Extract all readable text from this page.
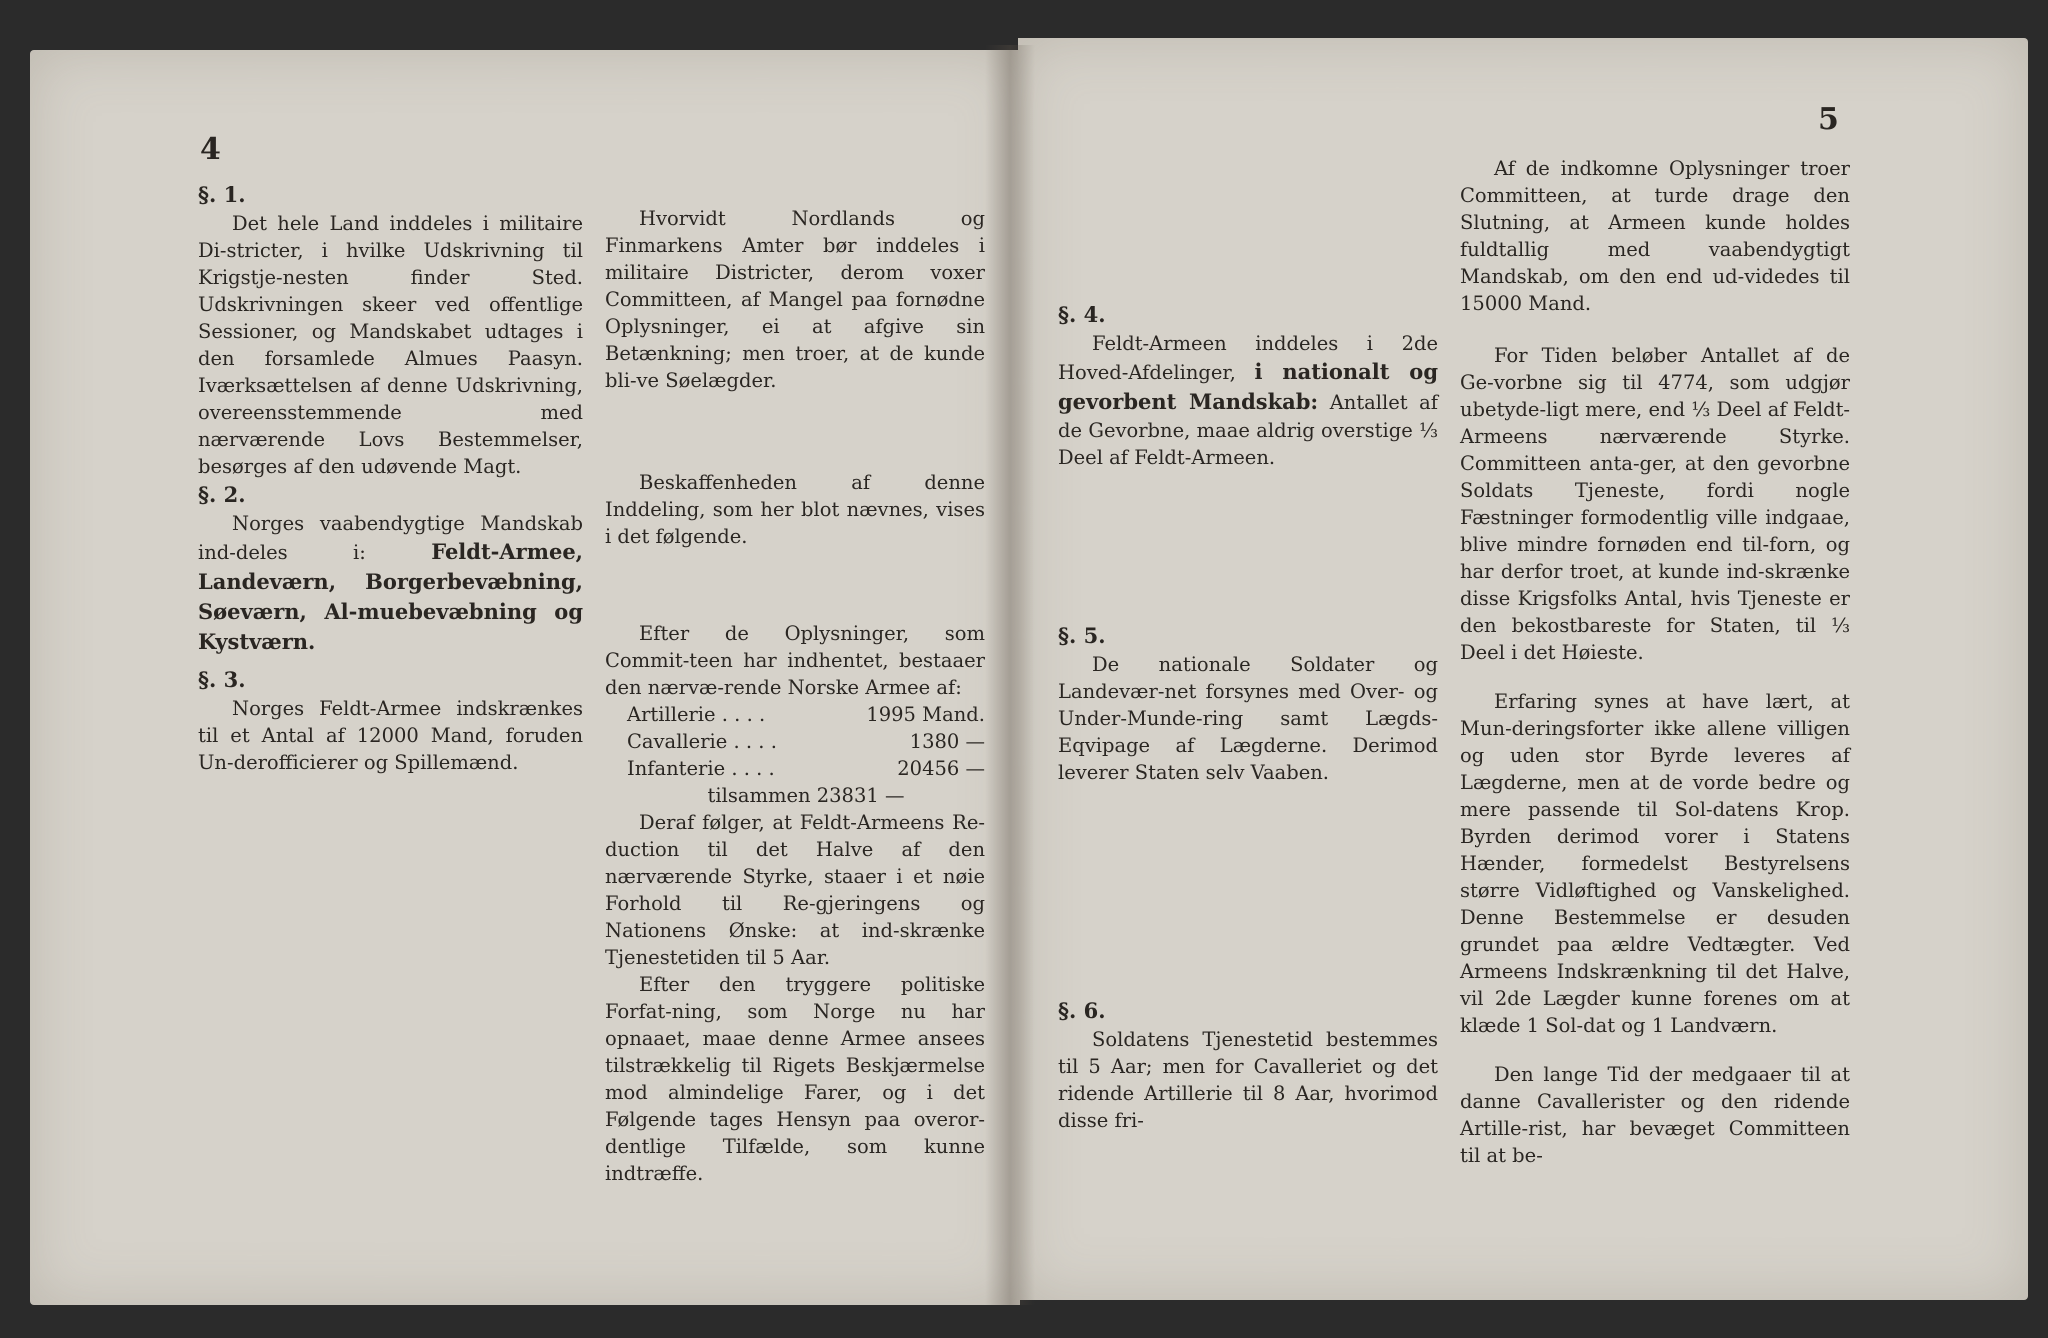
4

§. 1.

Det hele Land inddeles i militaire Di-stricter, i hvilke Udskrivning til Krigstje-nesten finder Sted. Udskrivningen skeer ved offentlige Sessioner, og Mandskabet udtages i den forsamlede Almues Paasyn. Iværksættelsen af denne Udskrivning, overeensstemmende med nærværende Lovs Bestemmelser, besørges af den udøvende Magt.

§. 2.

Norges vaabendygtige Mandskab ind-deles i:	Feldt-Armee, Landeværn, Borgerbevæbning, Søeværn, Al-muebevæbning og Kystværn.

§. 3.

Norges Feldt-Armee indskrænkes til et Antal af 12000 Mand, foruden Un-derofficierer og Spillemænd.

Hvorvidt Nordlands og Finmarkens Amter bør inddeles i militaire Districter, derom voxer Committeen, af Mangel paa fornødne Oplysninger, ei at afgive sin Betænkning; men troer, at de kunde bli-ve Søelægder.

Beskaffenheden af denne Inddeling, som her blot nævnes, vises i det følgende.

Efter de Oplysninger, som Commit-teen har indhentet, bestaaer den nærvæ-rende Norske Armee af:

Artillerie . . . .	1995 Mand.
Cavallerie . . . .	1380 —
Infanterie . . . .	20456 —
tilsammen 23831 —

Deraf følger, at Feldt-Armeens Re-duction til det Halve af den nærværende Styrke, staaer i et nøie Forhold til Re-gjeringens og Nationens Ønske: at ind-skrænke Tjenestetiden til 5 Aar.

Efter den tryggere politiske Forfat-ning, som Norge nu har opnaaet, maae denne Armee ansees tilstrækkelig til Rigets Beskjærmelse mod almindelige Farer, og i det Følgende tages Hensyn paa overor-dentlige Tilfælde, som kunne indtræffe.

5

§. 4.

Feldt-Armeen inddeles i 2de Hoved-Afdelinger, i nationalt og gevorbent Mandskab: Antallet af de Gevorbne, maae aldrig overstige ⅓ Deel af Feldt-Armeen.

§. 5.

De nationale Soldater og Landevær-net forsynes med Over- og Under-Munde-ring samt Lægds-Eqvipage af Lægderne. Derimod leverer Staten selv Vaaben.

§. 6.

Soldatens Tjenestetid bestemmes til 5 Aar; men for Cavalleriet og det ridende Artillerie til 8 Aar, hvorimod disse fri-

Af de indkomne Oplysninger troer Committeen, at turde drage den Slutning, at Armeen kunde holdes fuldtallig med vaabendygtigt Mandskab, om den end ud-videdes til 15000 Mand.

For Tiden beløber Antallet af de Ge-vorbne sig til 4774, som udgjør ubetyde-ligt mere, end ⅓ Deel af Feldt-Armeens nærværende Styrke. Committeen anta-ger, at den gevorbne Soldats Tjeneste, fordi nogle Fæstninger formodentlig ville indgaae, blive mindre fornøden end til-forn, og har derfor troet, at kunde ind-skrænke disse Krigsfolks Antal, hvis Tjeneste er den bekostbareste for Staten, til ⅓ Deel i det Høieste.

Erfaring synes at have lært, at Mun-deringsforter ikke allene villigen og uden stor Byrde leveres af Lægderne, men at de vorde bedre og mere passende til Sol-datens Krop. Byrden derimod vorer i Statens Hænder, formedelst Bestyrelsens større Vidløftighed og Vanskelighed. Denne Bestemmelse er desuden grundet paa ældre Vedtægter. Ved Armeens Indskrænkning til det Halve, vil 2de Lægder kunne forenes om at klæde 1 Sol-dat og 1 Landværn.

Den lange Tid der medgaaer til at danne Cavallerister og den ridende Artille-rist, har bevæget Committeen til at be-
